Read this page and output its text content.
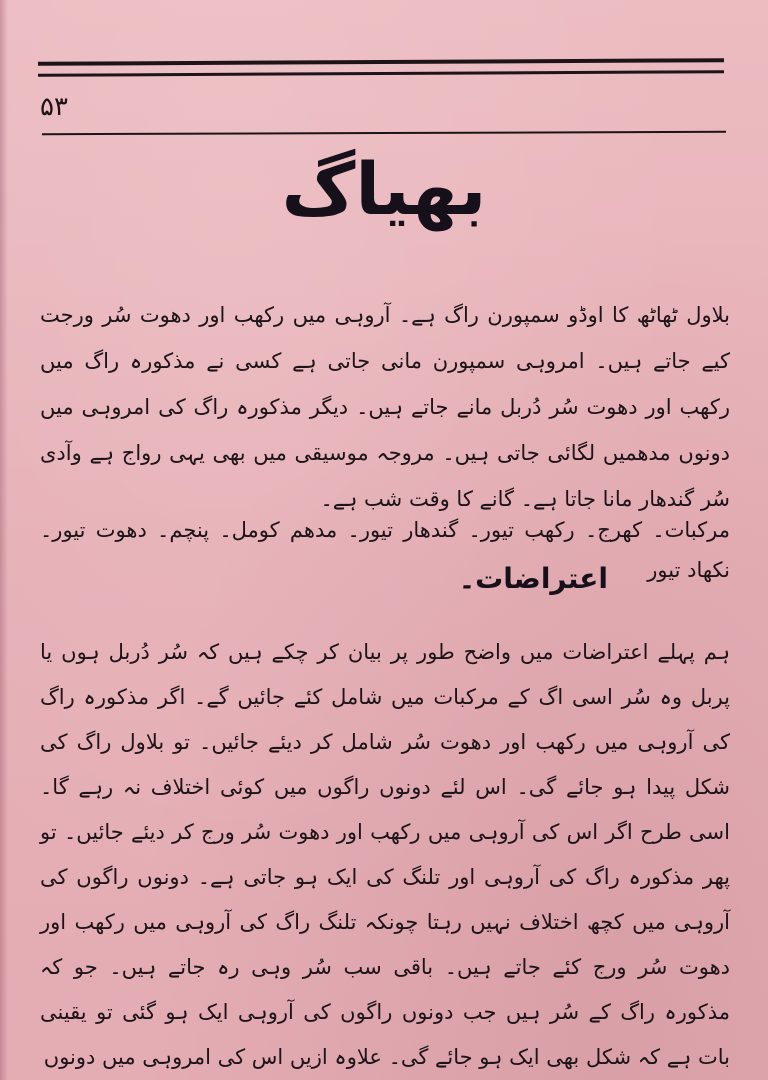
۵۳
بھیاگ
بلاول ٹھاٹھ کا اوڈو سمپورن راگ ہے۔ آروہی میں رکھب اور دھوت سُر ورجت کیے جاتے ہیں۔ امروہی سمپورن مانی جاتی ہے کسی نے مذکورہ راگ میں رکھب اور دھوت سُر دُربل مانے جاتے ہیں۔ دیگر مذکورہ راگ کی امروہی میں دونوں مدھمیں لگائی جاتی ہیں۔ مروجہ موسیقی میں بھی یہی رواج ہے وآدی سُر گندھار مانا جاتا ہے۔ گانے کا وقت شب ہے۔
مرکبات۔ کھرج۔ رکھب تیور۔ گندھار تیور۔ مدھم کومل۔ پنچم۔ دھوت تیور۔ نکھاد تیور
اعتراضات۔
ہم پہلے اعتراضات میں واضح طور پر بیان کر چکے ہیں کہ سُر دُربل ہوں یا پربل وہ سُر اسی اگ کے مرکبات میں شامل کئے جائیں گے۔ اگر مذکورہ راگ کی آروہی میں رکھب اور دھوت سُر شامل کر دیئے جائیں۔ تو بلاول راگ کی شکل پیدا ہو جائے گی۔ اس لئے دونوں راگوں میں کوئی اختلاف نہ رہے گا۔ اسی طرح اگر اس کی آروہی میں رکھب اور دھوت سُر ورج کر دیئے جائیں۔ تو پھر مذکورہ راگ کی آروہی اور تلنگ کی ایک ہو جاتی ہے۔ دونوں راگوں کی آروہی میں کچھ اختلاف نہیں رہتا چونکہ تلنگ راگ کی آروہی میں رکھب اور دھوت سُر ورج کئے جاتے ہیں۔ باقی سب سُر وہی رہ جاتے ہیں۔ جو کہ مذکورہ راگ کے سُر ہیں جب دونوں راگوں کی آروہی ایک ہو گئی تو یقینی بات ہے کہ شکل بھی ایک ہو جائے گی۔ علاوہ ازیں اس کی امروہی میں دونوں
